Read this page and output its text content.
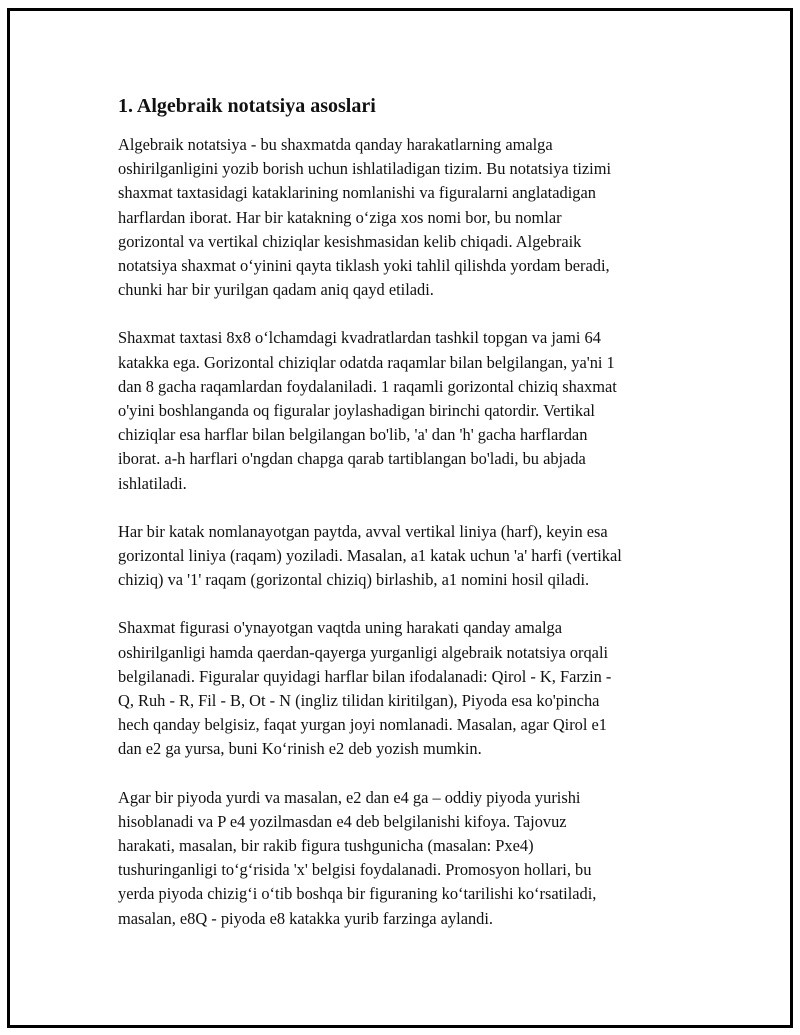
1. Algebraik notatsiya asoslari

Algebraik notatsiya - bu shaxmatda qanday harakatlarning amalga
oshirilganligini yozib borish uchun ishlatiladigan tizim. Bu notatsiya tizimi
shaxmat taxtasidagi kataklarining nomlanishi va figuralarni anglatadigan
harflardan iborat. Har bir katakning o‘ziga xos nomi bor, bu nomlar
gorizontal va vertikal chiziqlar kesishmasidan kelib chiqadi. Algebraik
notatsiya shaxmat o‘yinini qayta tiklash yoki tahlil qilishda yordam beradi,
chunki har bir yurilgan qadam aniq qayd etiladi.

Shaxmat taxtasi 8x8 o‘lchamdagi kvadratlardan tashkil topgan va jami 64
katakka ega. Gorizontal chiziqlar odatda raqamlar bilan belgilangan, ya'ni 1
dan 8 gacha raqamlardan foydalaniladi. 1 raqamli gorizontal chiziq shaxmat
o'yini boshlanganda oq figuralar joylashadigan birinchi qatordir. Vertikal
chiziqlar esa harflar bilan belgilangan bo'lib, 'a' dan 'h' gacha harflardan
iborat. a-h harflari o'ngdan chapga qarab tartiblangan bo'ladi, bu abjada
ishlatiladi.

Har bir katak nomlanayotgan paytda, avval vertikal liniya (harf), keyin esa
gorizontal liniya (raqam) yoziladi. Masalan, a1 katak uchun 'a' harfi (vertikal
chiziq) va '1' raqam (gorizontal chiziq) birlashib, a1 nomini hosil qiladi.

Shaxmat figurasi o'ynayotgan vaqtda uning harakati qanday amalga
oshirilganligi hamda qaerdan-qayerga yurganligi algebraik notatsiya orqali
belgilanadi. Figuralar quyidagi harflar bilan ifodalanadi: Qirol - K, Farzin -
Q, Ruh - R, Fil - B, Ot - N (ingliz tilidan kiritilgan), Piyoda esa ko'pincha
hech qanday belgisiz, faqat yurgan joyi nomlanadi. Masalan, agar Qirol e1
dan e2 ga yursa, buni Ko‘rinish e2 deb yozish mumkin.

Agar bir piyoda yurdi va masalan, e2 dan e4 ga – oddiy piyoda yurishi
hisoblanadi va P e4 yozilmasdan e4 deb belgilanishi kifoya. Tajovuz
harakati, masalan, bir rakib figura tushgunicha (masalan: Pxe4)
tushuringanligi to‘g‘risida 'x' belgisi foydalanadi. Promosyon hollari, bu
yerda piyoda chizig‘i o‘tib boshqa bir figuraning ko‘tarilishi ko‘rsatiladi,
masalan, e8Q - piyoda e8 katakka yurib farzinga aylandi.
